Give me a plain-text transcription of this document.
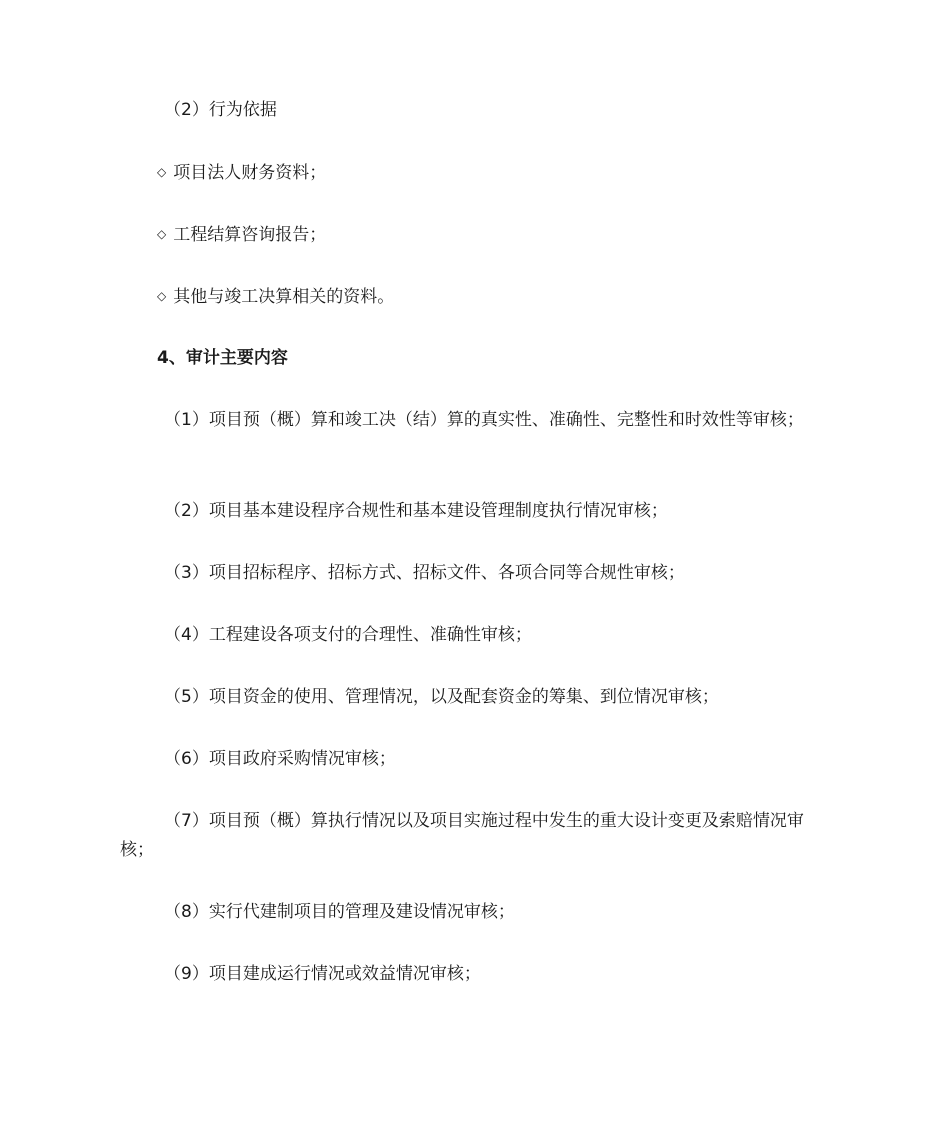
（2）行为依据
◇ 项目法人财务资料；
◇ 工程结算咨询报告；
◇ 其他与竣工决算相关的资料。
4、审计主要内容
（1）项目预（概）算和竣工决（结）算的真实性、准确性、完整性和时效性等审核；
（2）项目基本建设程序合规性和基本建设管理制度执行情况审核；
（3）项目招标程序、招标方式、招标文件、各项合同等合规性审核；
（4）工程建设各项支付的合理性、准确性审核；
（5）项目资金的使用、管理情况，以及配套资金的筹集、到位情况审核；
（6）项目政府采购情况审核；
（7）项目预（概）算执行情况以及项目实施过程中发生的重大设计变更及索赔情况审核；
（8）实行代建制项目的管理及建设情况审核；
（9）项目建成运行情况或效益情况审核；
